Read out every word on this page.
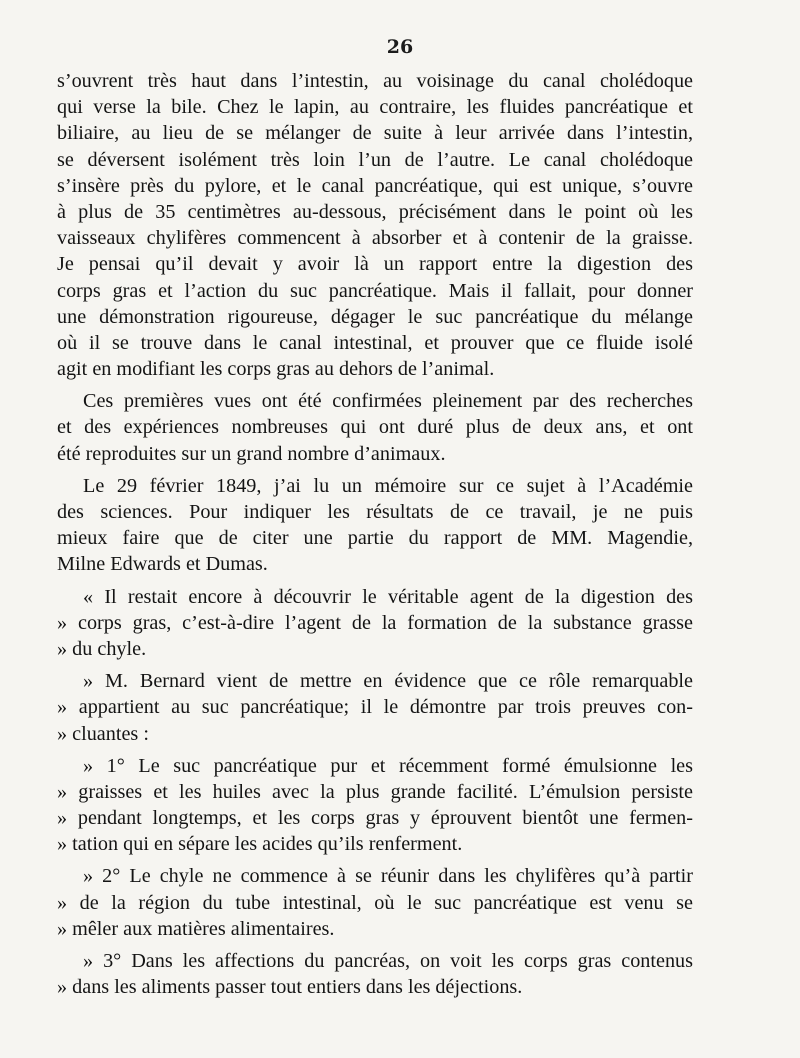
26
s’ouvrent très haut dans l’intestin, au voisinage du canal cholédoque
qui verse la bile. Chez le lapin, au contraire, les fluides pancréatique et
biliaire, au lieu de se mélanger de suite à leur arrivée dans l’intestin,
se déversent isolément très loin l’un de l’autre. Le canal cholédoque
s’insère près du pylore, et le canal pancréatique, qui est unique, s’ouvre
à plus de 35 centimètres au-dessous, précisément dans le point où les
vaisseaux chylifères commencent à absorber et à contenir de la graisse.
Je pensai qu’il devait y avoir là un rapport entre la digestion des
corps gras et l’action du suc pancréatique. Mais il fallait, pour donner
une démonstration rigoureuse, dégager le suc pancréatique du mélange
où il se trouve dans le canal intestinal, et prouver que ce fluide isolé
agit en modifiant les corps gras au dehors de l’animal.
Ces premières vues ont été confirmées pleinement par des recherches
et des expériences nombreuses qui ont duré plus de deux ans, et ont
été reproduites sur un grand nombre d’animaux.
Le 29 février 1849, j’ai lu un mémoire sur ce sujet à l’Académie
des sciences. Pour indiquer les résultats de ce travail, je ne puis
mieux faire que de citer une partie du rapport de MM. Magendie,
Milne Edwards et Dumas.
« Il restait encore à découvrir le véritable agent de la digestion des
» corps gras, c’est-à-dire l’agent de la formation de la substance grasse
» du chyle.
» M. Bernard vient de mettre en évidence que ce rôle remarquable
» appartient au suc pancréatique; il le démontre par trois preuves con-
» cluantes :
» 1° Le suc pancréatique pur et récemment formé émulsionne les
» graisses et les huiles avec la plus grande facilité. L’émulsion persiste
» pendant longtemps, et les corps gras y éprouvent bientôt une fermen-
» tation qui en sépare les acides qu’ils renferment.
» 2° Le chyle ne commence à se réunir dans les chylifères qu’à partir
» de la région du tube intestinal, où le suc pancréatique est venu se
» mêler aux matières alimentaires.
» 3° Dans les affections du pancréas, on voit les corps gras contenus
» dans les aliments passer tout entiers dans les déjections.
